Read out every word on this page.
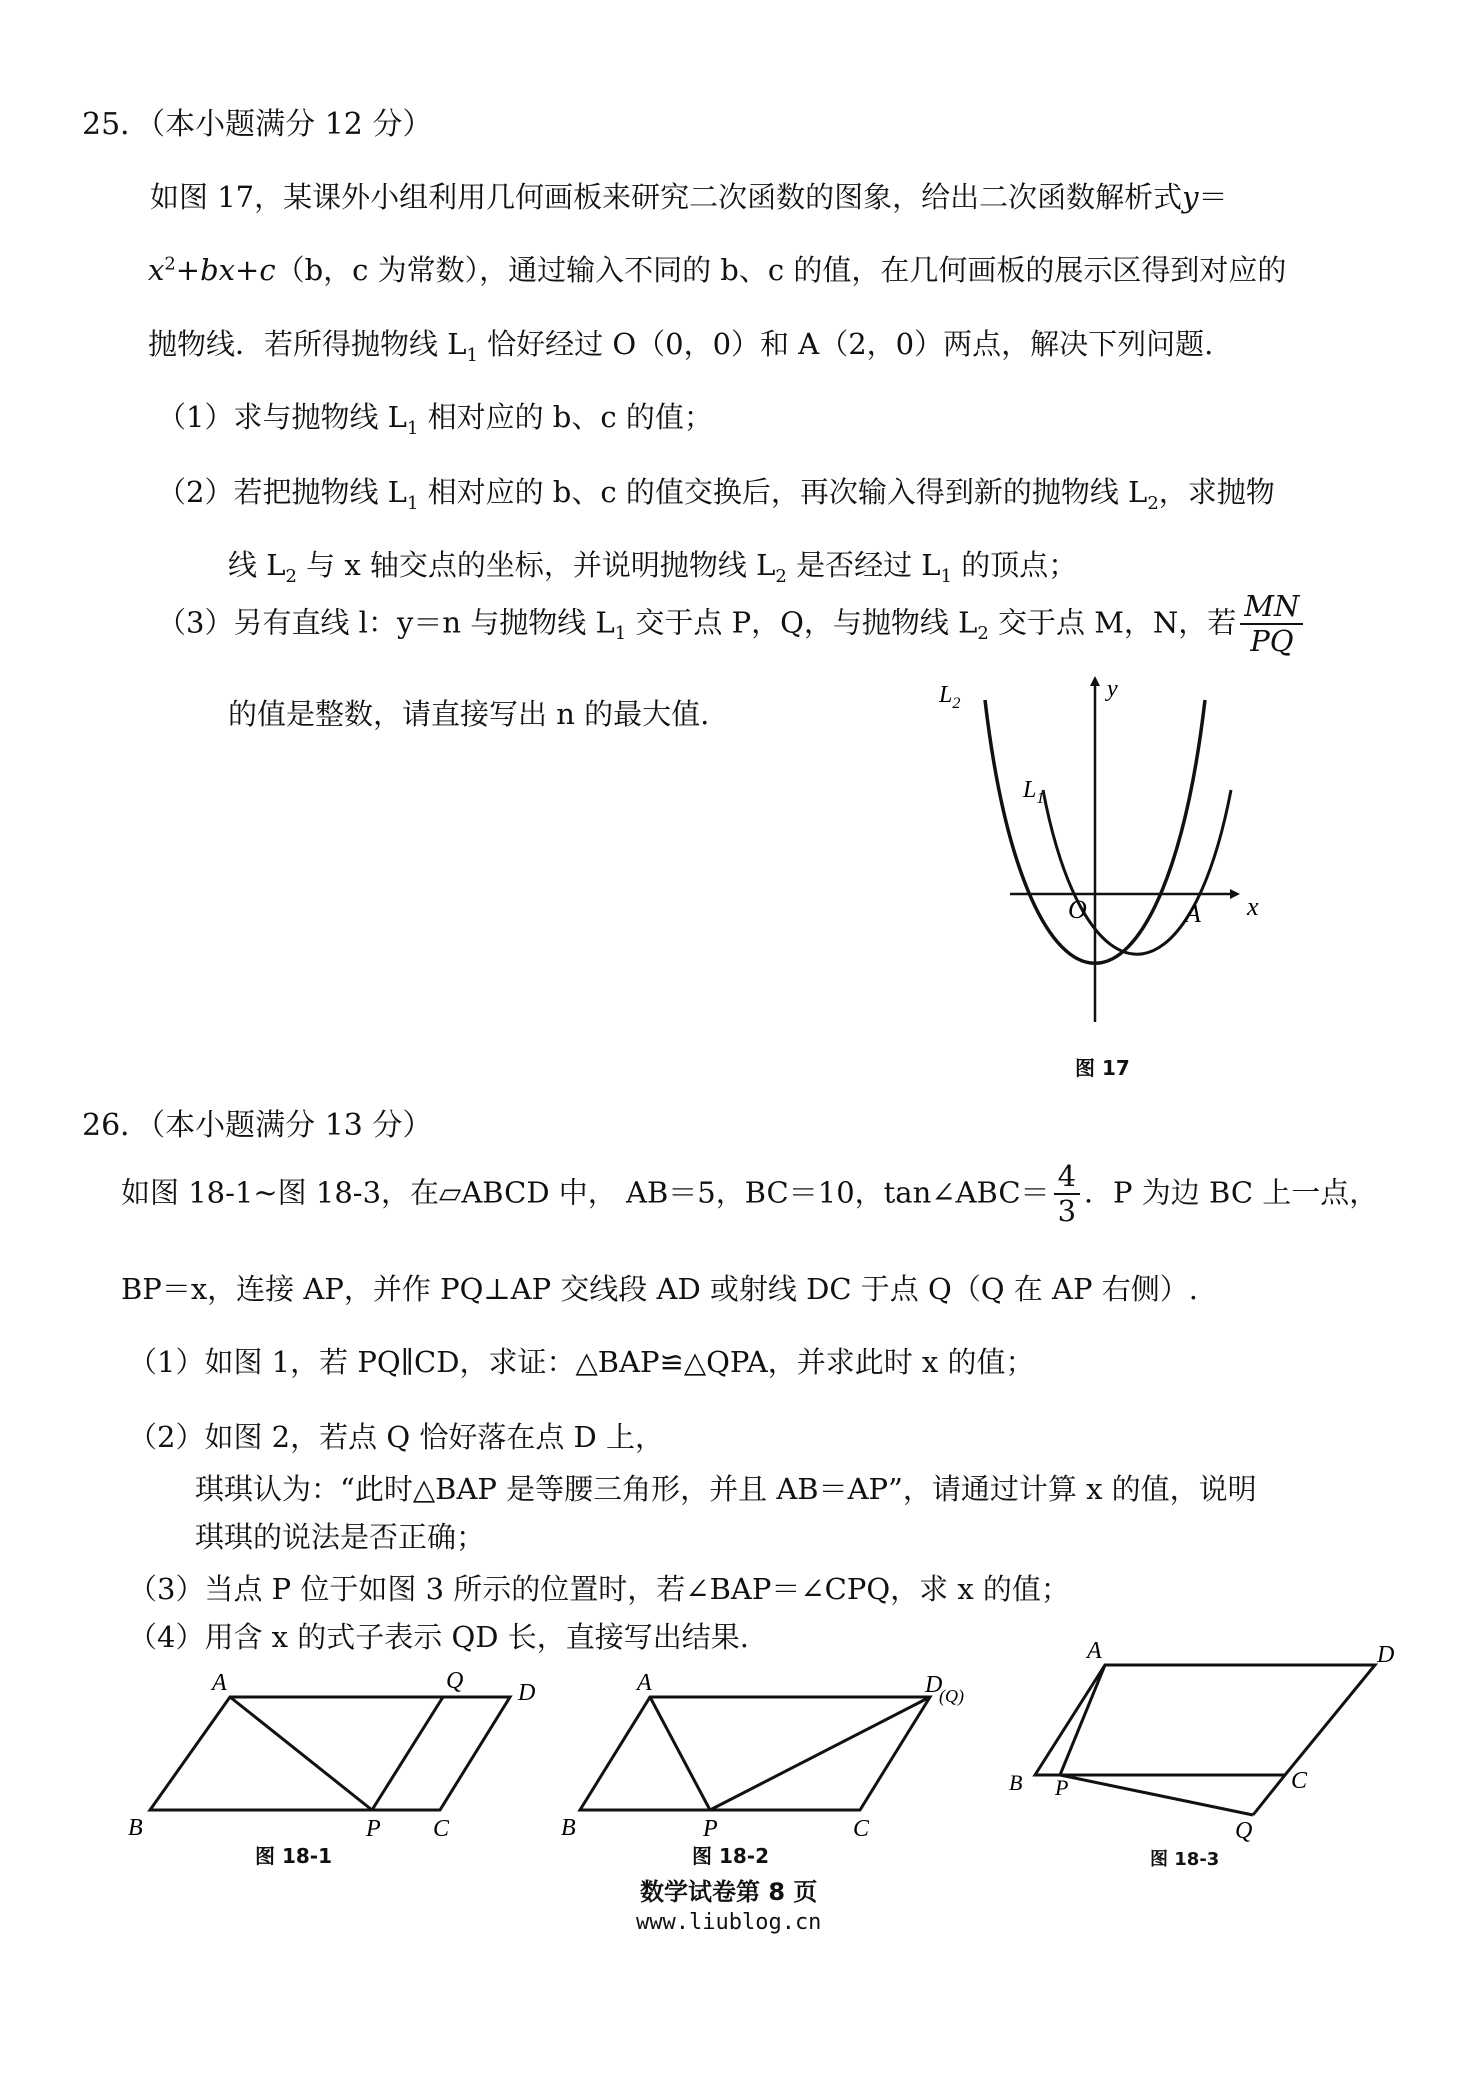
25．（本小题满分 12 分）
如图 17，某课外小组利用几何画板来研究二次函数的图象，给出二次函数解析式y＝
$x^2+bx+c(b$，c 为常数），通过输入不同的 b、c 的值，在几何画板的展示区得到对应的
抛物线．若所得抛物线 $L_1$ 恰好经过 O（0，0）和 A（2，0）两点，解决下列问题.
（1）求与抛物线 $L_1$ 相对应的 b、c 的值；
（2）若把抛物线 $L_1$ 相对应的 b、c 的值交换后，再次输入得到新的抛物线 $L_2$，求抛物
线 $L_2$ 与 x 轴交点的坐标，并说明抛物线 $L_2$ 是否经过 $L_1$ 的顶点；
（3）另有直线 l：y＝n 与抛物线 $L_1$ 交于点 P，Q，与抛物线 $L_2$ 交于点 M，N，若 $\frac{MN}{PQ}$
的值是整数，请直接写出 n 的最大值.
$L_2$
$L_1$
y
x
O	A
图 17
26．（本小题满分 13 分）
如图 18-1~图 18-3，在▱ABCD 中， AB＝5，BC＝10，tan∠ABC＝ $\frac{4}{3}$ ．P 为边 BC 上一点，
BP＝x，连接 AP，并作 PQ⊥AP 交线段 AD 或射线 DC 于点 Q（Q 在 AP 右侧）.
（1）如图 1，若 PQ∥CD，求证：△BAP≌△QPA，并求此时 x 的值；
（2）如图 2，若点 Q 恰好落在点 D 上，
琪琪认为：“此时△BAP 是等腰三角形，并且 AB＝AP”，请通过计算 x 的值，说明
琪琪的说法是否正确；
（3）当点 P 位于如图 3 所示的位置时，若∠BAP＝∠CPQ，求 x 的值；
（4）用含 x 的式子表示 QD 长，直接写出结果.
A	Q D
B	P C
图 18-1
A	D
(Q)
B	P	C
图 18-2
A	D
B P	C
Q
图 18-3
数学试卷第 8 页
www.liublog.cn
